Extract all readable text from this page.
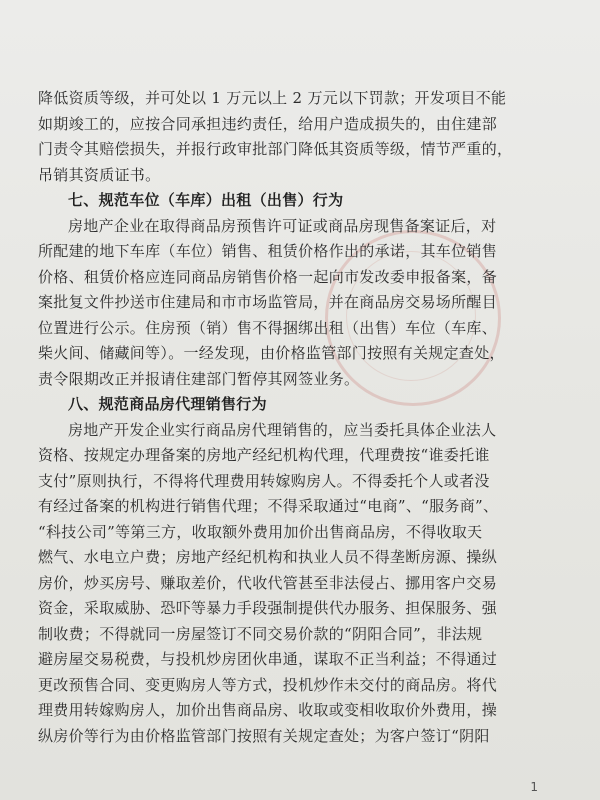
降低资质等级，并可处以 1 万元以上 2 万元以下罚款；开发项目不能
如期竣工的，应按合同承担违约责任，给用户造成损失的，由住建部
门责令其赔偿损失，并报行政审批部门降低其资质等级，情节严重的，
吊销其资质证书。
七、规范车位（车库）出租（出售）行为
房地产企业在取得商品房预售许可证或商品房现售备案证后，对
所配建的地下车库（车位）销售、租赁价格作出的承诺，其车位销售
价格、租赁价格应连同商品房销售价格一起向市发改委申报备案，备
案批复文件抄送市住建局和市市场监管局，并在商品房交易场所醒目
位置进行公示。住房预（销）售不得捆绑出租（出售）车位（车库、
柴火间、储藏间等）。一经发现，由价格监管部门按照有关规定查处，
责令限期改正并报请住建部门暂停其网签业务。
八、规范商品房代理销售行为
房地产开发企业实行商品房代理销售的，应当委托具体企业法人
资格、按规定办理备案的房地产经纪机构代理，代理费按“谁委托谁
支付”原则执行，不得将代理费用转嫁购房人。不得委托个人或者没
有经过备案的机构进行销售代理；不得采取通过“电商”、“服务商”、
“科技公司”等第三方，收取额外费用加价出售商品房，不得收取天
燃气、水电立户费；房地产经纪机构和执业人员不得垄断房源、操纵
房价，炒买房号、赚取差价，代收代管甚至非法侵占、挪用客户交易
资金，采取威胁、恐吓等暴力手段强制提供代办服务、担保服务、强
制收费；不得就同一房屋签订不同交易价款的“阴阳合同”，非法规
避房屋交易税费，与投机炒房团伙串通，谋取不正当利益；不得通过
更改预售合同、变更购房人等方式，投机炒作未交付的商品房。将代
理费用转嫁购房人，加价出售商品房、收取或变相收取价外费用，操
纵房价等行为由价格监管部门按照有关规定查处；为客户签订“阴阳
1
